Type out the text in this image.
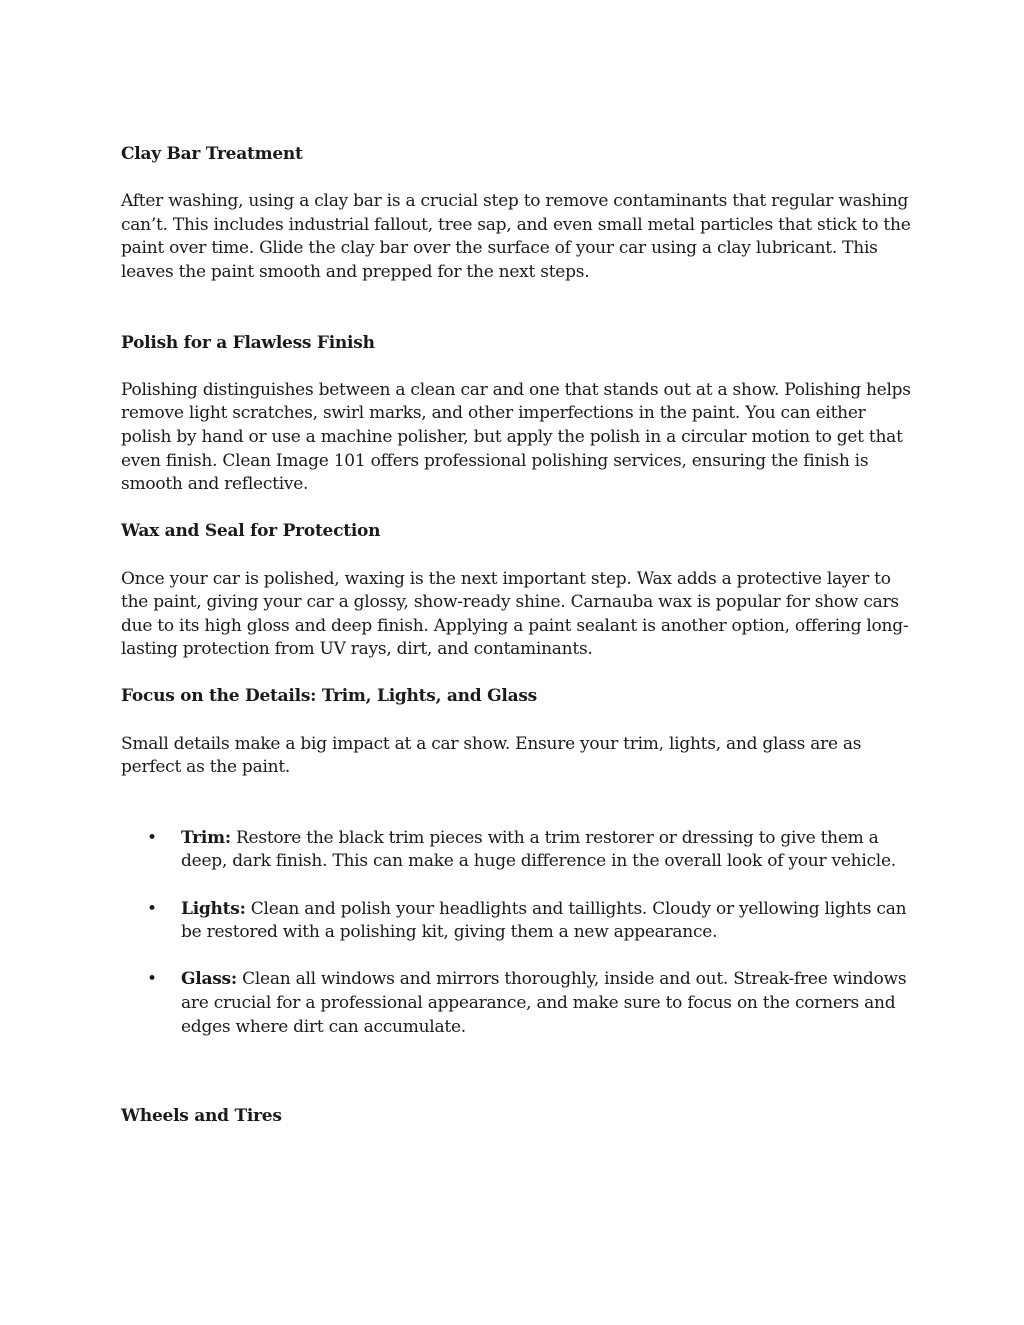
Clay Bar Treatment

After washing, using a clay bar is a crucial step to remove contaminants that regular washing can’t. This includes industrial fallout, tree sap, and even small metal particles that stick to the paint over time. Glide the clay bar over the surface of your car using a clay lubricant. This leaves the paint smooth and prepped for the next steps.

Polish for a Flawless Finish

Polishing distinguishes between a clean car and one that stands out at a show. Polishing helps remove light scratches, swirl marks, and other imperfections in the paint. You can either polish by hand or use a machine polisher, but apply the polish in a circular motion to get that even finish. Clean Image 101 offers professional polishing services, ensuring the finish is smooth and reflective.

Wax and Seal for Protection

Once your car is polished, waxing is the next important step. Wax adds a protective layer to the paint, giving your car a glossy, show-ready shine. Carnauba wax is popular for show cars due to its high gloss and deep finish. Applying a paint sealant is another option, offering long-lasting protection from UV rays, dirt, and contaminants.

Focus on the Details: Trim, Lights, and Glass

Small details make a big impact at a car show. Ensure your trim, lights, and glass are as perfect as the paint.

• Trim: Restore the black trim pieces with a trim restorer or dressing to give them a deep, dark finish. This can make a huge difference in the overall look of your vehicle.
• Lights: Clean and polish your headlights and taillights. Cloudy or yellowing lights can be restored with a polishing kit, giving them a new appearance.
• Glass: Clean all windows and mirrors thoroughly, inside and out. Streak-free windows are crucial for a professional appearance, and make sure to focus on the corners and edges where dirt can accumulate.

Wheels and Tires
